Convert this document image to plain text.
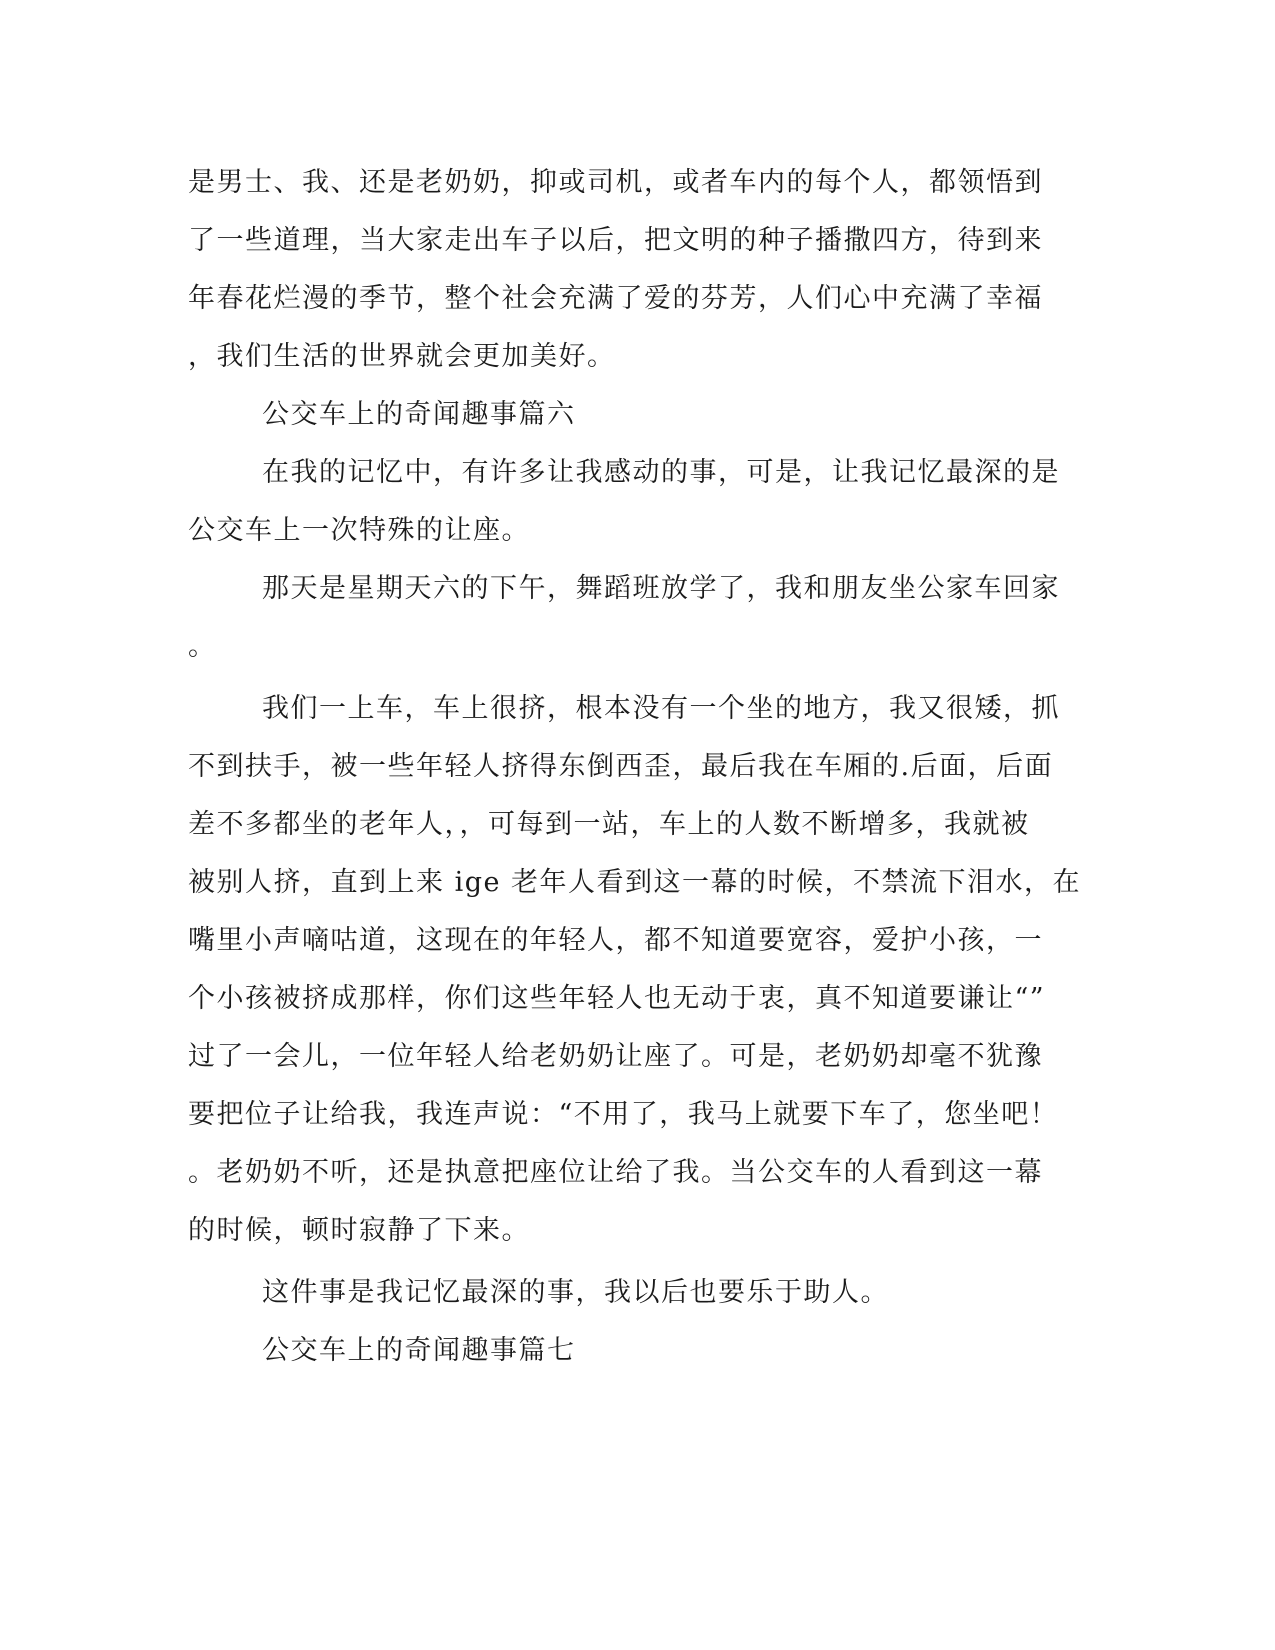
是男士、我、还是老奶奶，抑或司机，或者车内的每个人，都领悟到
了一些道理，当大家走出车子以后，把文明的种子播撒四方，待到来
年春花烂漫的季节，整个社会充满了爱的芬芳，人们心中充满了幸福
，我们生活的世界就会更加美好。
公交车上的奇闻趣事篇六
在我的记忆中，有许多让我感动的事，可是，让我记忆最深的是
公交车上一次特殊的让座。
那天是星期天六的下午，舞蹈班放学了，我和朋友坐公家车回家
。
我们一上车，车上很挤，根本没有一个坐的地方，我又很矮，抓
不到扶手，被一些年轻人挤得东倒西歪，最后我在车厢的.后面，后面
差不多都坐的老年人，，可每到一站，车上的人数不断增多，我就被
被别人挤，直到上来 ige 老年人看到这一幕的时候，不禁流下泪水，在
嘴里小声嘀咕道，这现在的年轻人，都不知道要宽容，爱护小孩，一
个小孩被挤成那样，你们这些年轻人也无动于衷，真不知道要谦让“”
过了一会儿，一位年轻人给老奶奶让座了。可是，老奶奶却毫不犹豫
要把位子让给我，我连声说：“不用了，我马上就要下车了，您坐吧！
。老奶奶不听，还是执意把座位让给了我。当公交车的人看到这一幕
的时候，顿时寂静了下来。
这件事是我记忆最深的事，我以后也要乐于助人。
公交车上的奇闻趣事篇七
